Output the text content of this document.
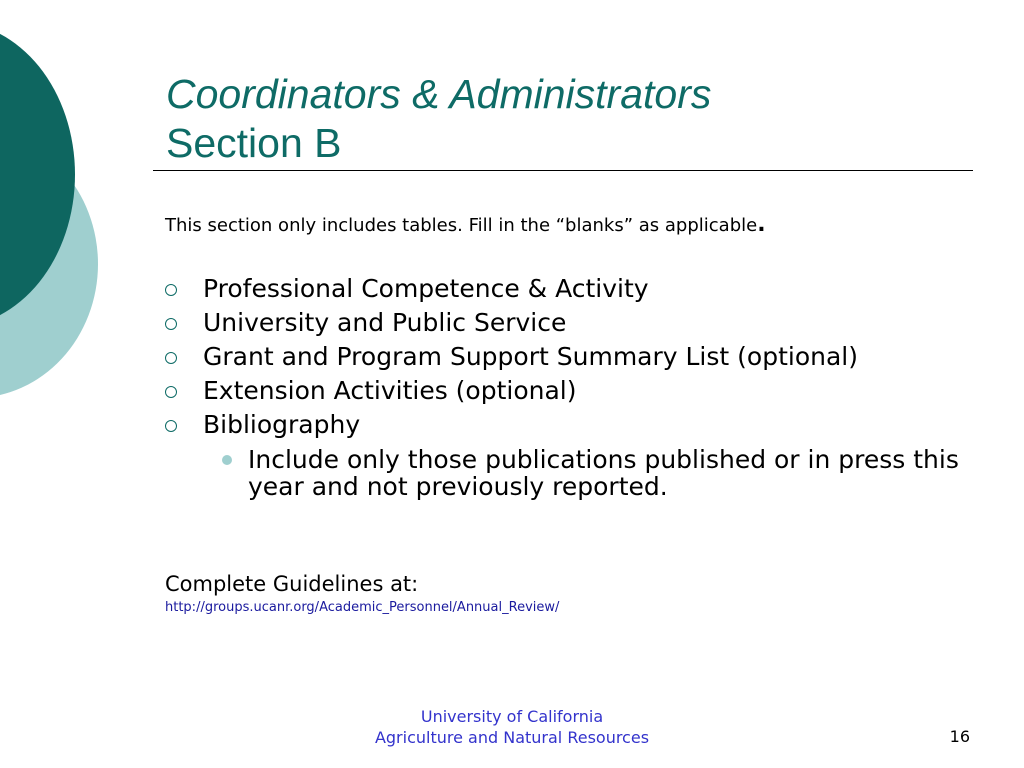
Coordinators & Administrators
Section B
This section only includes tables. Fill in the “blanks” as applicable.
Professional Competence & Activity
University and Public Service
Grant and Program Support Summary List (optional)
Extension Activities (optional)
Bibliography
Include only those publications published or in press this year and not previously reported.
Complete Guidelines at:
http://groups.ucanr.org/Academic_Personnel/Annual_Review/
University of California
Agriculture and Natural Resources	16
